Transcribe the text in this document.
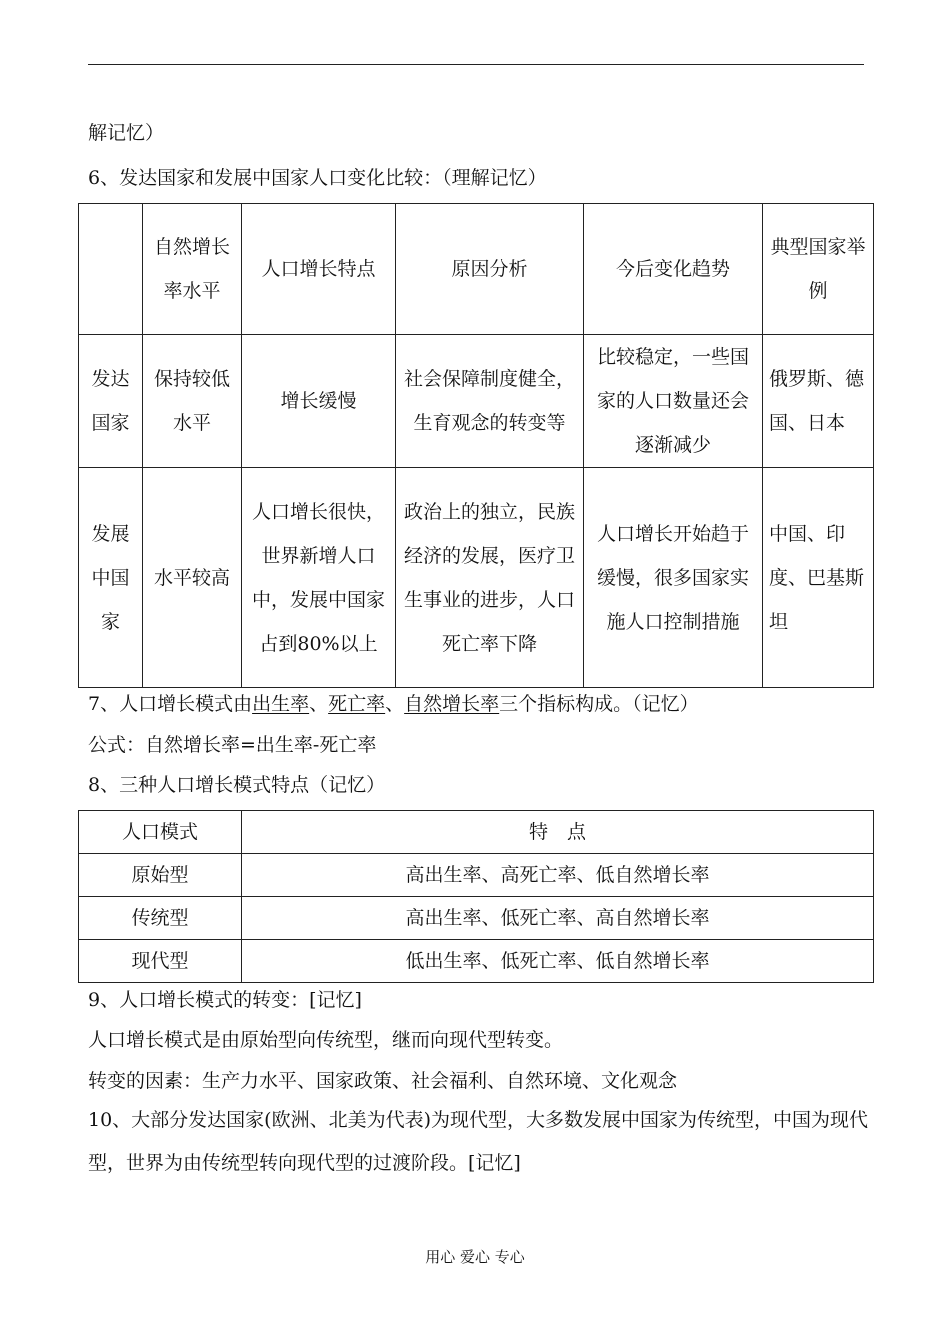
解记忆）
6、发达国家和发展中国家人口变化比较：（理解记忆）
	自然增长率水平	人口增长特点	原因分析	今后变化趋势	典型国家举例
发达国家	保持较低水平	增长缓慢	社会保障制度健全，生育观念的转变等	比较稳定，一些国家的人口数量还会逐渐减少	俄罗斯、德国、日本
发展中国家	水平较高	人口增长很快，世界新增人口中，发展中国家占到80%以上	政治上的独立，民族经济的发展，医疗卫生事业的进步，人口死亡率下降	人口增长开始趋于缓慢，很多国家实施人口控制措施	中国、印度、巴基斯坦
7、人口增长模式由出生率、死亡率、自然增长率三个指标构成。（记忆）
公式：自然增长率=出生率-死亡率
8、三种人口增长模式特点（记忆）
人口模式	特　点
原始型	高出生率、高死亡率、低自然增长率
传统型	高出生率、低死亡率、高自然增长率
现代型	低出生率、低死亡率、低自然增长率
9、人口增长模式的转变：[记忆]
人口增长模式是由原始型向传统型，继而向现代型转变。
转变的因素：生产力水平、国家政策、社会福利、自然环境、文化观念
10、大部分发达国家(欧洲、北美为代表)为现代型，大多数发展中国家为传统型，中国为现代型，世界为由传统型转向现代型的过渡阶段。[记忆]
用心 爱心 专心
